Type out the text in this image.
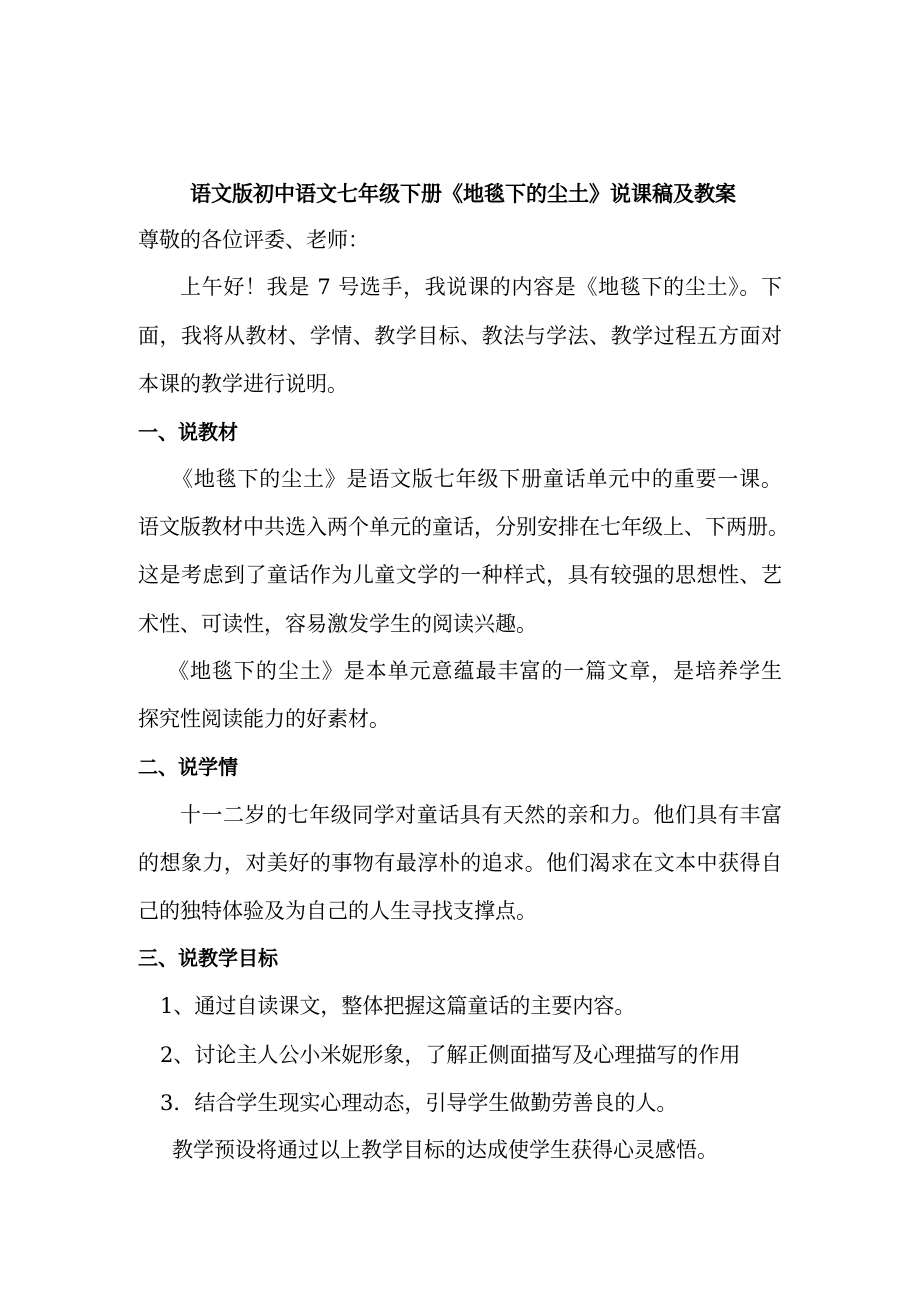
语文版初中语文七年级下册《地毯下的尘土》说课稿及教案
尊敬的各位评委、老师：
上午好！我是 7 号选手，我说课的内容是《地毯下的尘土》。下
面，我将从教材、学情、教学目标、教法与学法、教学过程五方面对
本课的教学进行说明。
一、说教材
《地毯下的尘土》是语文版七年级下册童话单元中的重要一课。
语文版教材中共选入两个单元的童话，分别安排在七年级上、下两册。
这是考虑到了童话作为儿童文学的一种样式，具有较强的思想性、艺
术性、可读性，容易激发学生的阅读兴趣。
《地毯下的尘土》是本单元意蕴最丰富的一篇文章，是培养学生
探究性阅读能力的好素材。
二、说学情
十一二岁的七年级同学对童话具有天然的亲和力。他们具有丰富
的想象力，对美好的事物有最淳朴的追求。他们渴求在文本中获得自
己的独特体验及为自己的人生寻找支撑点。
三、说教学目标
1、通过自读课文，整体把握这篇童话的主要内容。
2、讨论主人公小米妮形象，了解正侧面描写及心理描写的作用
3．结合学生现实心理动态，引导学生做勤劳善良的人。
教学预设将通过以上教学目标的达成使学生获得心灵感悟。
